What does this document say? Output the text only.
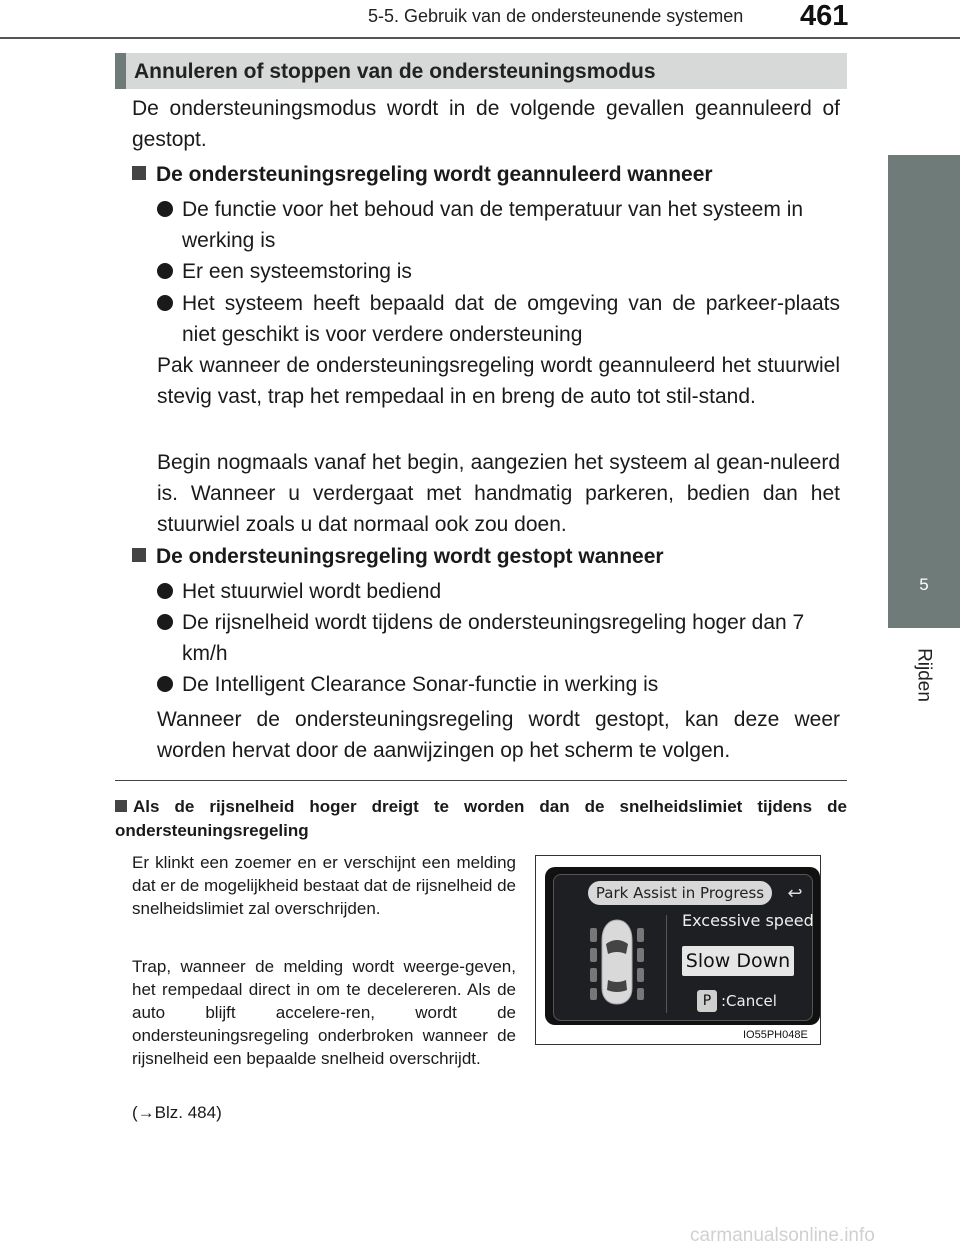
5-5. Gebruik van de ondersteunende systemen 461
5
Rijden
Annuleren of stoppen van de ondersteuningsmodus
De ondersteuningsmodus wordt in de volgende gevallen geannuleerd of gestopt.
De ondersteuningsregeling wordt geannuleerd wanneer
De functie voor het behoud van de temperatuur van het systeem in werking is
Er een systeemstoring is
Het systeem heeft bepaald dat de omgeving van de parkeer-plaats niet geschikt is voor verdere ondersteuning
Pak wanneer de ondersteuningsregeling wordt geannuleerd het stuurwiel stevig vast, trap het rempedaal in en breng de auto tot stil-stand.
Begin nogmaals vanaf het begin, aangezien het systeem al gean-nuleerd is. Wanneer u verdergaat met handmatig parkeren, bedien dan het stuurwiel zoals u dat normaal ook zou doen.
De ondersteuningsregeling wordt gestopt wanneer
Het stuurwiel wordt bediend
De rijsnelheid wordt tijdens de ondersteuningsregeling hoger dan 7 km/h
De Intelligent Clearance Sonar-functie in werking is
Wanneer de ondersteuningsregeling wordt gestopt, kan deze weer worden hervat door de aanwijzingen op het scherm te volgen.
Als de rijsnelheid hoger dreigt te worden dan de snelheidslimiet tijdens de ondersteuningsregeling
Er klinkt een zoemer en er verschijnt een melding dat er de mogelijkheid bestaat dat de rijsnelheid de snelheidslimiet zal overschrijden.
Trap, wanneer de melding wordt weerge-geven, het rempedaal direct in om te decelereren. Als de auto blijft accelere-ren, wordt de ondersteuningsregeling onderbroken wanneer de rijsnelheid een bepaalde snelheid overschrijdt.
(→Blz. 484)
Park Assist in Progress	↩
Excessive speed
Slow Down
P :Cancel
IO55PH048E
carmanualsonline.info
